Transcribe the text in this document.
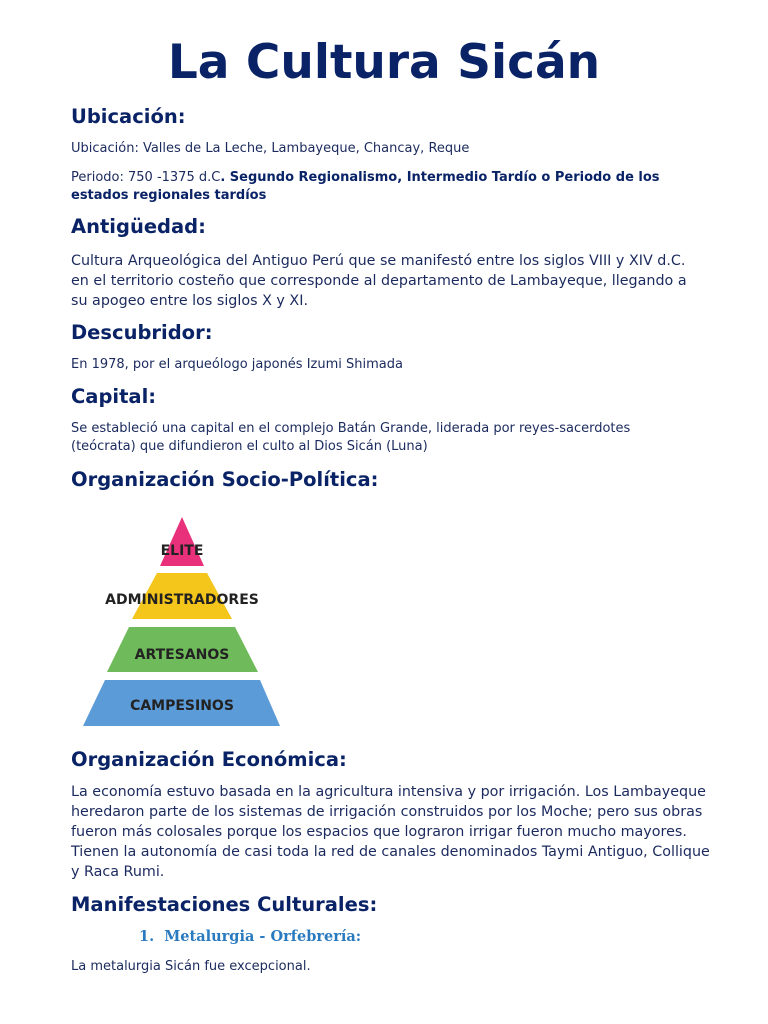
La Cultura Sicán
Ubicación:

Ubicación: Valles de La Leche, Lambayeque, Chancay, Reque

Periodo: 750 -1375 d.C. Segundo Regionalismo, Intermedio Tardío o Periodo de los estados regionales tardíos

Antigüedad:

Cultura Arqueológica del Antiguo Perú que se manifestó entre los siglos VIII y XIV d.C. en el territorio costeño que corresponde al departamento de Lambayeque, llegando a su apogeo entre los siglos X y XI.

Descubridor:

En 1978, por el arqueólogo japonés Izumi Shimada

Capital:

Se estableció una capital en el complejo Batán Grande, liderada por reyes-sacerdotes (teócrata) que difundieron el culto al Dios Sicán (Luna)

Organización Socio-Política:
ELITE
ADMINISTRADORES
ARTESANOS
CAMPESINOS
Organización Económica:

La economía estuvo basada en la agricultura intensiva y por irrigación. Los Lambayeque heredaron parte de los sistemas de irrigación construidos por los Moche; pero sus obras fueron más colosales porque los espacios que lograron irrigar fueron mucho mayores. Tienen la autonomía de casi toda la red de canales denominados Taymi Antiguo, Collique y Raca Rumi.

Manifestaciones Culturales:

1. Metalurgia - Orfebrería:

La metalurgia Sicán fue excepcional.
